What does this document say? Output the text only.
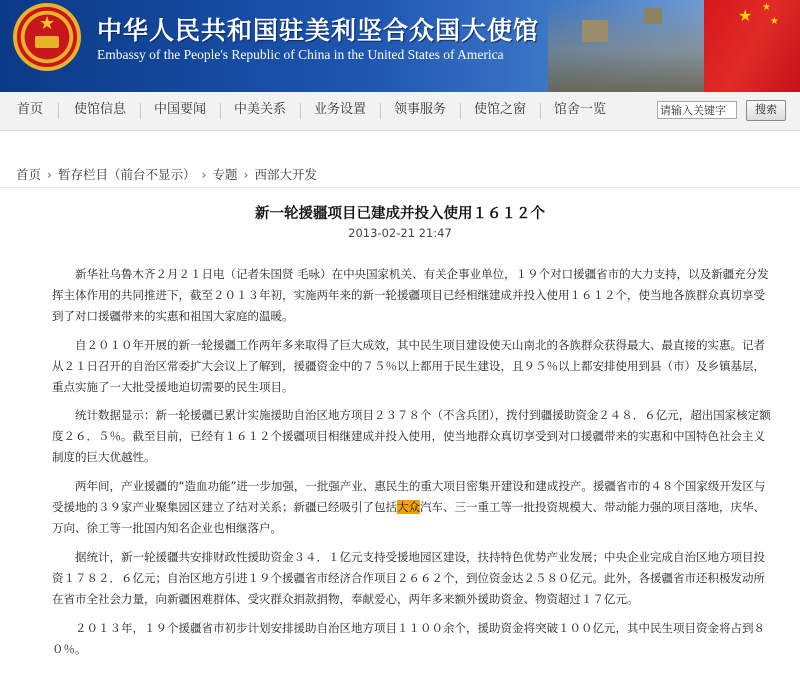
★ 中华人民共和国驻美利坚合众国大使馆
Embassy of the People's Republic of China in the United States of America
★ ★
★
首页	使馆信息	中国要闻	中美关系	业务设置	领事服务	使馆之窗	馆舍一览
请输入关键字	搜索
首页 › 暂存栏目（前台不显示） › 专题 › 西部大开发
新一轮援疆项目已建成并投入使用１６１２个
2013-02-21 21:47
新华社乌鲁木齐２月２１日电（记者朱国贤 毛咏）在中央国家机关、有关企事业单位，１９个对口援疆省市的大力支持，以及新疆充分发挥主体作用的共同推进下，截至２０１３年初，实施两年来的新一轮援疆项目已经相继建成并投入使用１６１２个，使当地各族群众真切享受到了对口援疆带来的实惠和祖国大家庭的温暖。
自２０１０年开展的新一轮援疆工作两年多来取得了巨大成效，其中民生项目建设使天山南北的各族群众获得最大、最直接的实惠。记者从２１日召开的自治区常委扩大会议上了解到，援疆资金中的７５％以上都用于民生建设，且９５％以上都安排使用到县（市）及乡镇基层，重点实施了一大批受援地迫切需要的民生项目。
统计数据显示：新一轮援疆已累计实施援助自治区地方项目２３７８个（不含兵团），拨付到疆援助资金２４８．６亿元，超出国家核定额度２６．５％。截至目前，已经有１６１２个援疆项目相继建成并投入使用，使当地群众真切享受到对口援疆带来的实惠和中国特色社会主义制度的巨大优越性。
两年间，产业援疆的“造血功能”进一步加强，一批强产业、惠民生的重大项目密集开建设和建成投产。援疆省市的４８个国家级开发区与受援地的３９家产业聚集园区建立了结对关系；新疆已经吸引了包括大众汽车、三一重工等一批投资规模大、带动能力强的项目落地，庆华、万向、徐工等一批国内知名企业也相继落户。
据统计，新一轮援疆共安排财政性援助资金３４．１亿元支持受援地园区建设，扶持特色优势产业发展；中央企业完成自治区地方项目投资１７８２．６亿元；自治区地方引进１９个援疆省市经济合作项目２６６２个，到位资金达２５８０亿元。此外，各援疆省市还积极发动所在省市全社会力量，向新疆困难群体、受灾群众捐款捐物，奉献爱心，两年多来额外援助资金、物资超过１７亿元。
２０１３年，１９个援疆省市初步计划安排援助自治区地方项目１１００余个，援助资金将突破１００亿元，其中民生项目资金将占到８０％。
